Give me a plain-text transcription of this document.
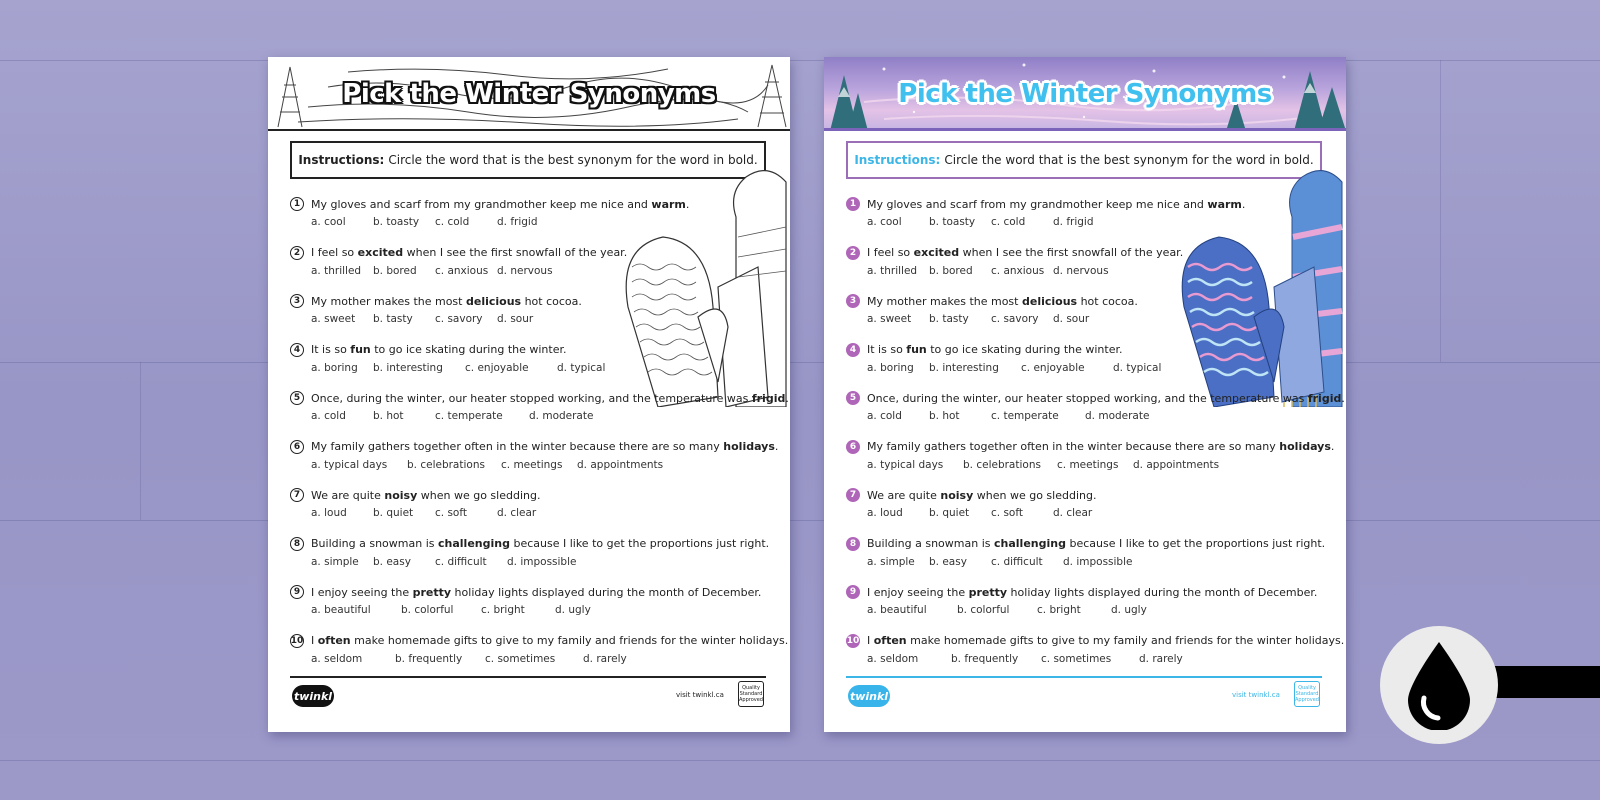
Pick the Winter Synonyms
Instructions: Circle the word that is the best synonym for the word in bold.
1 My gloves and scarf from my grandmother keep me nice and warm.
a. cool	b. toasty	c. cold	d. frigid
2 I feel so excited when I see the first snowfall of the year.
a. thrilled	b. bored	c. anxious d. nervous
3 My mother makes the most delicious hot cocoa.
a. sweet	b. tasty	c. savory	d. sour
4 It is so fun to go ice skating during the winter.
a. boring	b. interesting	c. enjoyable	d. typical
5 Once, during the winter, our heater stopped working, and the temperature was frigid.
a. cold	b. hot	c. temperate	d. moderate
6 My family gathers together often in the winter because there are so many holidays.
a. typical days	b. celebrations	c. meetings	d. appointments
7 We are quite noisy when we go sledding.
a. loud	b. quiet	c. soft	d. clear
8 Building a snowman is challenging because I like to get the proportions just right.
a. simple	b. easy	c. difficult	d. impossible
9 I enjoy seeing the pretty holiday lights displayed during the month of December.
a. beautiful	b. colorful	c. bright	d. ugly
10 I often make homemade gifts to give to my family and friends for the winter holidays.
a. seldom	b. frequently	c. sometimes	d. rarely
twinkl	visit twinkl.ca
Quality Standard Approved
Pick the Winter Synonyms
Instructions: Circle the word that is the best synonym for the word in bold.
1 My gloves and scarf from my grandmother keep me nice and warm.
a. cool	b. toasty	c. cold	d. frigid
2 I feel so excited when I see the first snowfall of the year.
a. thrilled	b. bored	c. anxious d. nervous
3 My mother makes the most delicious hot cocoa.
a. sweet	b. tasty	c. savory	d. sour
4 It is so fun to go ice skating during the winter.
a. boring	b. interesting	c. enjoyable	d. typical
5 Once, during the winter, our heater stopped working, and the temperature was frigid.
a. cold	b. hot	c. temperate	d. moderate
6 My family gathers together often in the winter because there are so many holidays.
a. typical days	b. celebrations	c. meetings	d. appointments
7 We are quite noisy when we go sledding.
a. loud	b. quiet	c. soft	d. clear
8 Building a snowman is challenging because I like to get the proportions just right.
a. simple	b. easy	c. difficult	d. impossible
9 I enjoy seeing the pretty holiday lights displayed during the month of December.
a. beautiful	b. colorful	c. bright	d. ugly
10 I often make homemade gifts to give to my family and friends for the winter holidays.
a. seldom	b. frequently	c. sometimes	d. rarely
twinkl	visit twinkl.ca
Quality Standard Approved
